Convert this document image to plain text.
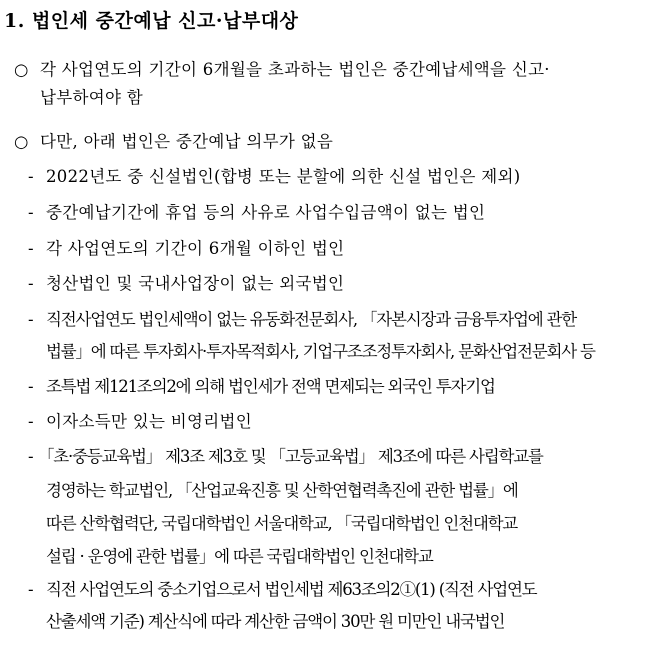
1. 법인세 중간예납 신고·납부대상
○ 각 사업연도의 기간이 6개월을 초과하는 법인은 중간예납세액을 신고·
납부하여야 함
○ 다만, 아래 법인은 중간예납 의무가 없음
- 2022년도 중 신설법인(합병 또는 분할에 의한 신설 법인은 제외)
- 중간예납기간에 휴업 등의 사유로 사업수입금액이 없는 법인
- 각 사업연도의 기간이 6개월 이하인 법인
- 청산법인 및 국내사업장이 없는 외국법인
- 직전사업연도 법인세액이 없는 유동화전문회사, 「자본시장과 금융투자업에 관한
법률」에 따른 투자회사·투자목적회사, 기업구조조정투자회사, 문화산업전문회사 등
- 조특법 제121조의2에 의해 법인세가 전액 면제되는 외국인 투자기업
- 이자소득만 있는 비영리법인
- 「초·중등교육법」 제3조 제3호 및 「고등교육법」 제3조에 따른 사립학교를
경영하는 학교법인, 「산업교육진흥 및 산학연협력촉진에 관한 법률」에
따른 산학협력단, 국립대학법인 서울대학교, 「국립대학법인 인천대학교
설립 · 운영에 관한 법률」에 따른 국립대학법인 인천대학교
- 직전 사업연도의 중소기업으로서 법인세법 제63조의2①(1) (직전 사업연도
산출세액 기준) 계산식에 따라 계산한 금액이 30만 원 미만인 내국법인
